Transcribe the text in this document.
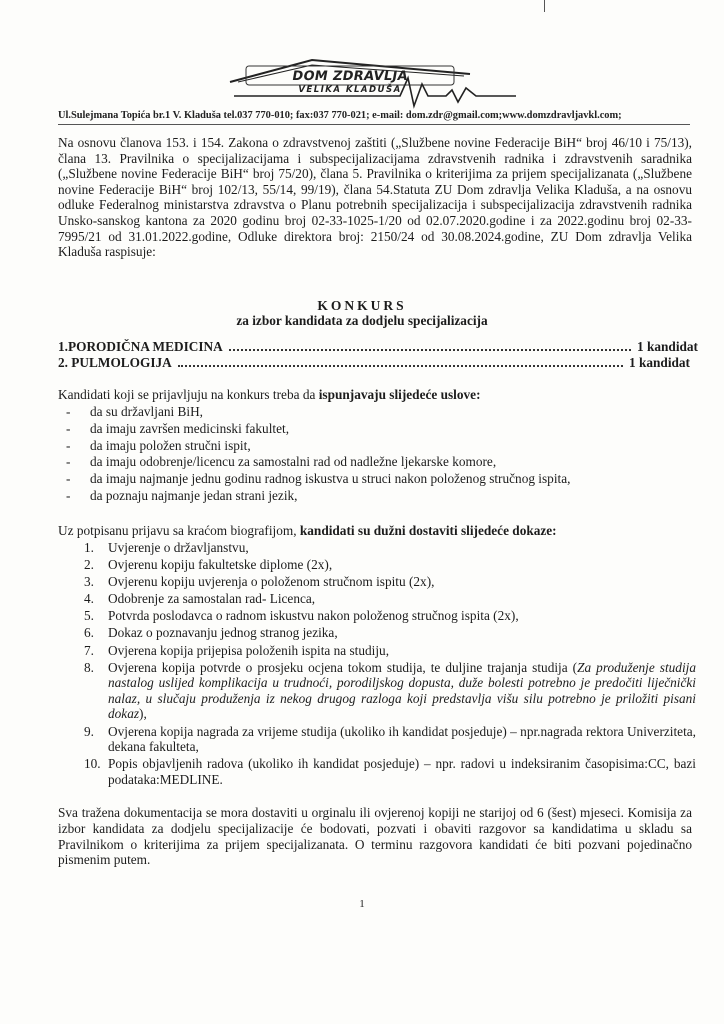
DOM ZDRAVLJA
VELIKA KLADUŠA
Ul.Sulejmana Topića br.1 V. Kladuša tel.037 770-010; fax:037 770-021; e-mail: dom.zdr@gmail.com;www.domzdravljavkl.com;
Na osnovu članova 153. i 154. Zakona o zdravstvenoj zaštiti („Službene novine Federacije BiH“ broj 46/10 i 75/13), člana 13. Pravilnika o specijalizacijama i subspecijalizacijama zdravstvenih radnika i zdravstvenih saradnika („Službene novine Federacije BiH“ broj 75/20), člana 5. Pravilnika o kriterijima za prijem specijalizanata („Službene novine Federacije BiH“ broj 102/13, 55/14, 99/19), člana 54.Statuta ZU Dom zdravlja Velika Kladuša, a na osnovu odluke Federalnog ministarstva zdravstva o Planu potrebnih specijalizacija i subspecijalizacija zdravstvenih radnika Unsko-sanskog kantona za 2020 godinu broj 02-33-1025-1/20 od 02.07.2020.godine i za 2022.godinu broj 02-33-7995/21 od 31.01.2022.godine, Odluke direktora broj: 2150/24 od 30.08.2024.godine, ZU Dom zdravlja Velika Kladuša raspisuje:
KONKURS
za izbor kandidata za dodjelu specijalizacija
1.PORODIČNA MEDICINA	1 kandidat
2. PULMOLOGIJA	1 kandidat
Kandidati koji se prijavljuju na konkurs treba da ispunjavaju slijedeće uslove:
- da su državljani BiH,
- da imaju završen medicinski fakultet,
- da imaju položen stručni ispit,
- da imaju odobrenje/licencu za samostalni rad od nadležne ljekarske komore,
- da imaju najmanje jednu godinu radnog iskustva u struci nakon položenog stručnog ispita,
- da poznaju najmanje jedan strani jezik,
Uz potpisanu prijavu sa kraćom biografijom, kandidati su dužni dostaviti slijedeće dokaze:
1. Uvjerenje o državljanstvu,
2. Ovjerenu kopiju fakultetske diplome (2x),
3. Ovjerenu kopiju uvjerenja o položenom stručnom ispitu (2x),
4. Odobrenje za samostalan rad- Licenca,
5. Potvrda poslodavca o radnom iskustvu nakon položenog stručnog ispita (2x),
6. Dokaz o poznavanju jednog stranog jezika,
7. Ovjerena kopija prijepisa položenih ispita na studiju,
8. Ovjerena kopija potvrde o prosjeku ocjena tokom studija, te duljine trajanja studija (Za produženje studija nastalog uslijed komplikacija u trudnoći, porodiljskog dopusta, duže bolesti potrebno je predočiti liječnički nalaz, u slučaju produženja iz nekog drugog razloga koji predstavlja višu silu potrebno je priložiti pisani dokaz),
9. Ovjerena kopija nagrada za vrijeme studija (ukoliko ih kandidat posjeduje) – npr.nagrada rektora Univerziteta, dekana fakulteta,
10. Popis objavljenih radova (ukoliko ih kandidat posjeduje) – npr. radovi u indeksiranim časopisima:CC, bazi podataka:MEDLINE.
Sva tražena dokumentacija se mora dostaviti u orginalu ili ovjerenoj kopiji ne starijoj od 6 (šest) mjeseci. Komisija za izbor kandidata za dodjelu specijalizacije će bodovati, pozvati i obaviti razgovor sa kandidatima u skladu sa Pravilnikom o kriterijima za prijem specijalizanata. O terminu razgovora kandidati će biti pozvani pojedinačno pismenim putem.
1
